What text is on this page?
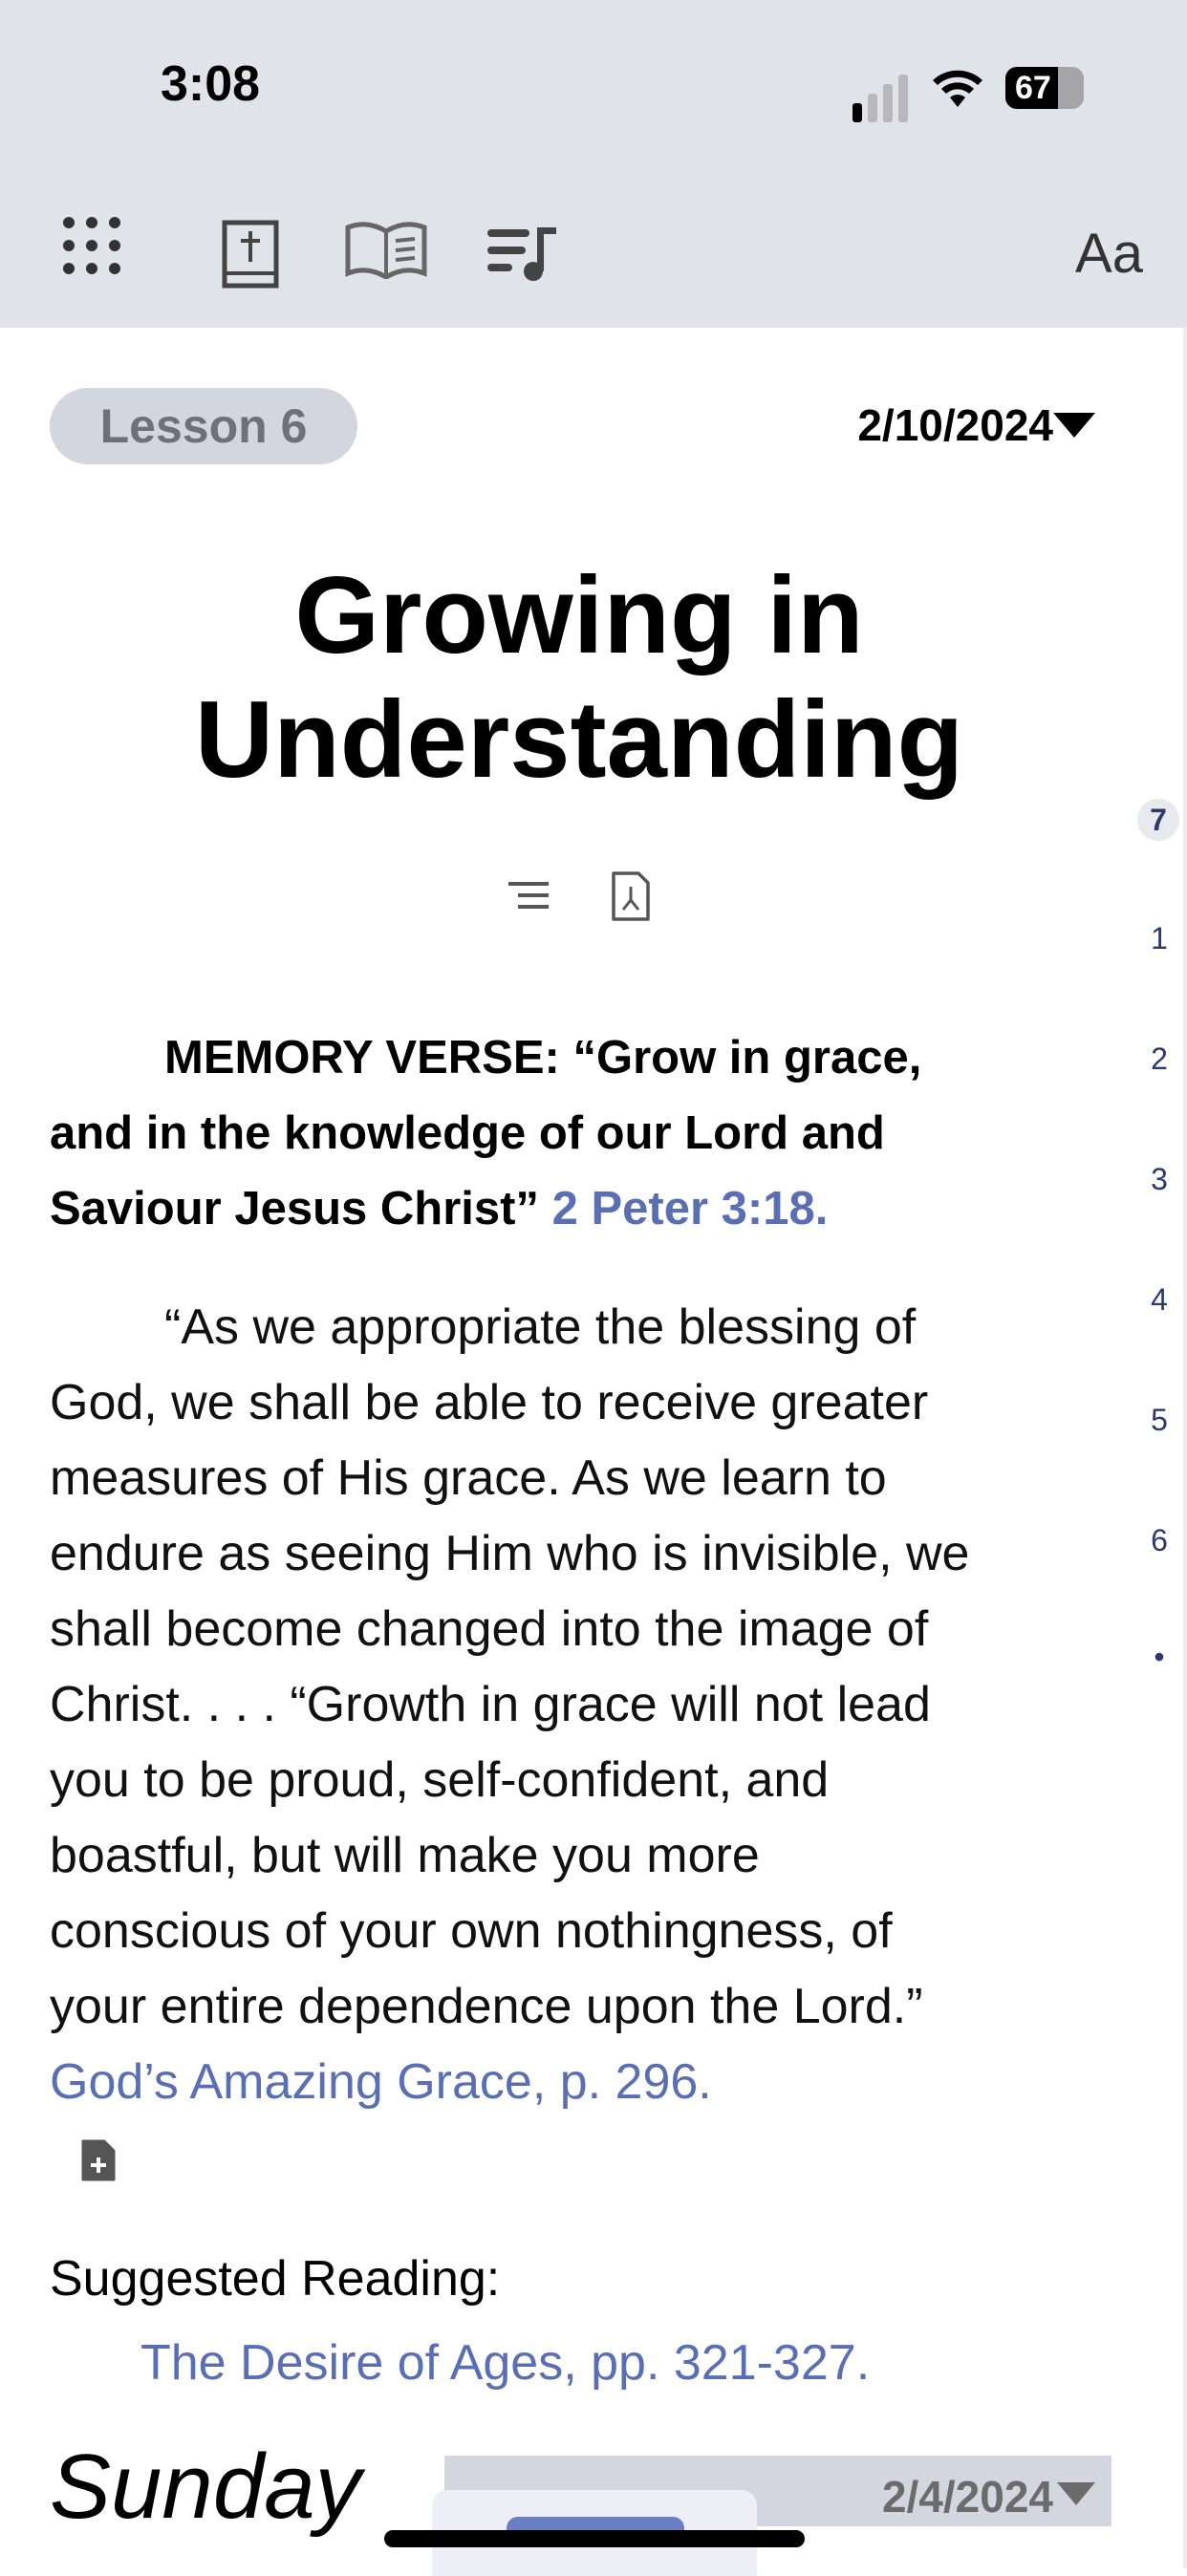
3:08	67
Aa
Lesson 6	2/10/2024
Growing in
Understanding
MEMORY VERSE: “Grow in grace,
and in the knowledge of our Lord and
Saviour Jesus Christ” 2 Peter 3:18.
“As we appropriate the blessing of
God, we shall be able to receive greater
measures of His grace. As we learn to
endure as seeing Him who is invisible, we
shall become changed into the image of
Christ. . . . “Growth in grace will not lead
you to be proud, self-confident, and
boastful, but will make you more
conscious of your own nothingness, of
your entire dependence upon the Lord.”
God’s Amazing Grace, p. 296.
Suggested Reading:
The Desire of Ages, pp. 321-327.
Sunday	2/4/2024
7
1
2
3
4
5
6
•
